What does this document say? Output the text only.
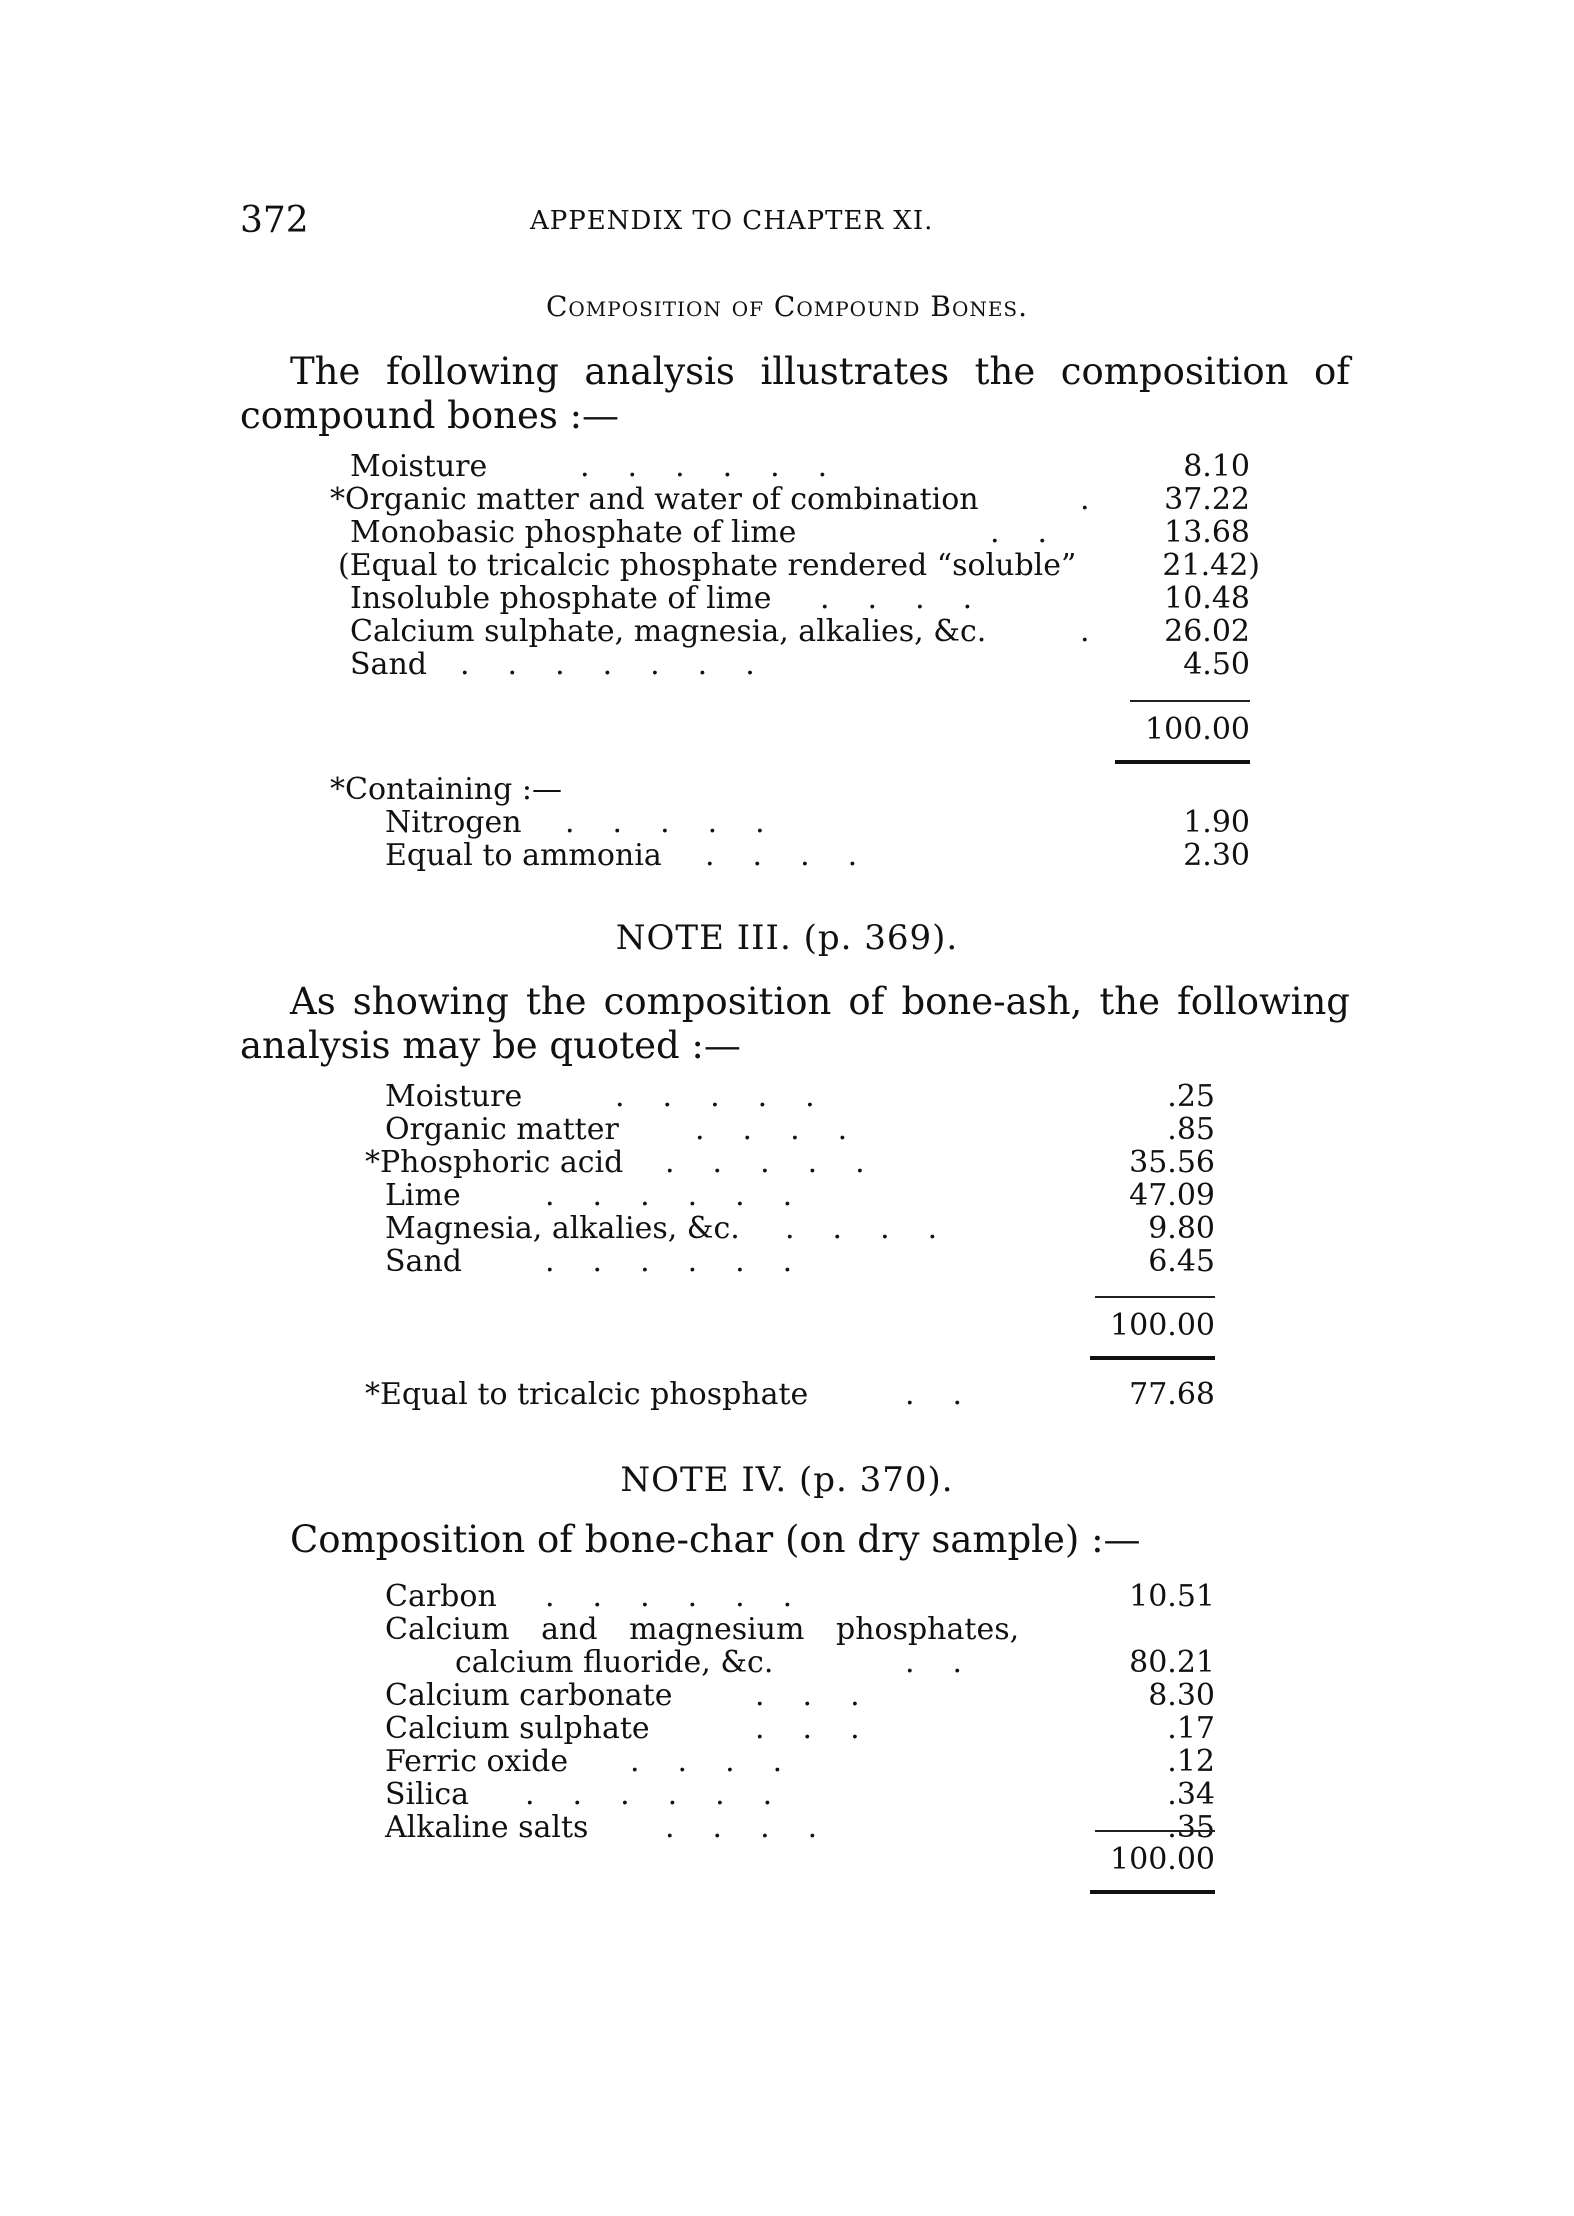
372	APPENDIX TO CHAPTER XI.
Composition of Compound Bones.
The following analysis illustrates the composition of compound bones :—
Moisture	......	8.10
*Organic matter and water of combination	. 37.22
Monobasic phosphate of lime	..	13.68
(Equal to tricalcic phosphate rendered “soluble”	21.42)
Insoluble phosphate of lime ....	10.48
Calcium sulphate, magnesia, alkalies, &c.	. 26.02
Sand .......	4.50
100.00
*Containing :—
Nitrogen .....	1.90
Equal to ammonia ....	2.30
NOTE III. (p. 369).
As showing the composition of bone-ash, the following analysis may be quoted :—
Moisture	.....	.25
Organic matter	....	.85
*Phosphoric acid .....	35.56
Lime	......	47.09
Magnesia, alkalies, &c. ....	9.80
Sand	......	6.45
100.00
*Equal to tricalcic phosphate	..	77.68
NOTE IV. (p. 370).
Composition of bone-char (on dry sample) :—
Carbon ......	10.51
Calcium and magnesium phosphates,
calcium fluoride, &c.	..	80.21
Calcium carbonate	...	8.30
Calcium sulphate	...	.17
Ferric oxide ....	.12
Silica ......	.34
Alkaline salts	....	.35
100.00
